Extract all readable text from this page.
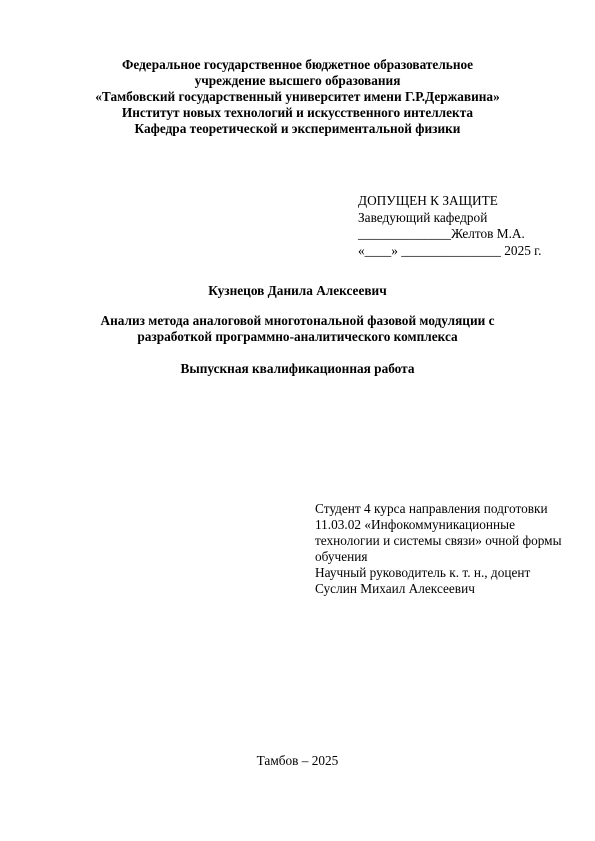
Федеральное государственное бюджетное образовательное
учреждение высшего образования
«Тамбовский государственный университет имени Г.Р.Державина»
Институт новых технологий и искусственного интеллекта
Кафедра теоретической и экспериментальной физики
ДОПУЩЕН К ЗАЩИТЕ
Заведующий кафедрой
______________Желтов М.А.
«____» _______________ 2025 г.
Кузнецов Данила Алексеевич
Анализ метода аналоговой многотональной фазовой модуляции с
разработкой программно-аналитического комплекса
Выпускная квалификационная работа
Студент 4 курса направления подготовки
11.03.02 «Инфокоммуникационные
технологии и системы связи» очной формы
обучения
Научный руководитель к. т. н., доцент
Суслин Михаил Алексеевич
Тамбов – 2025
